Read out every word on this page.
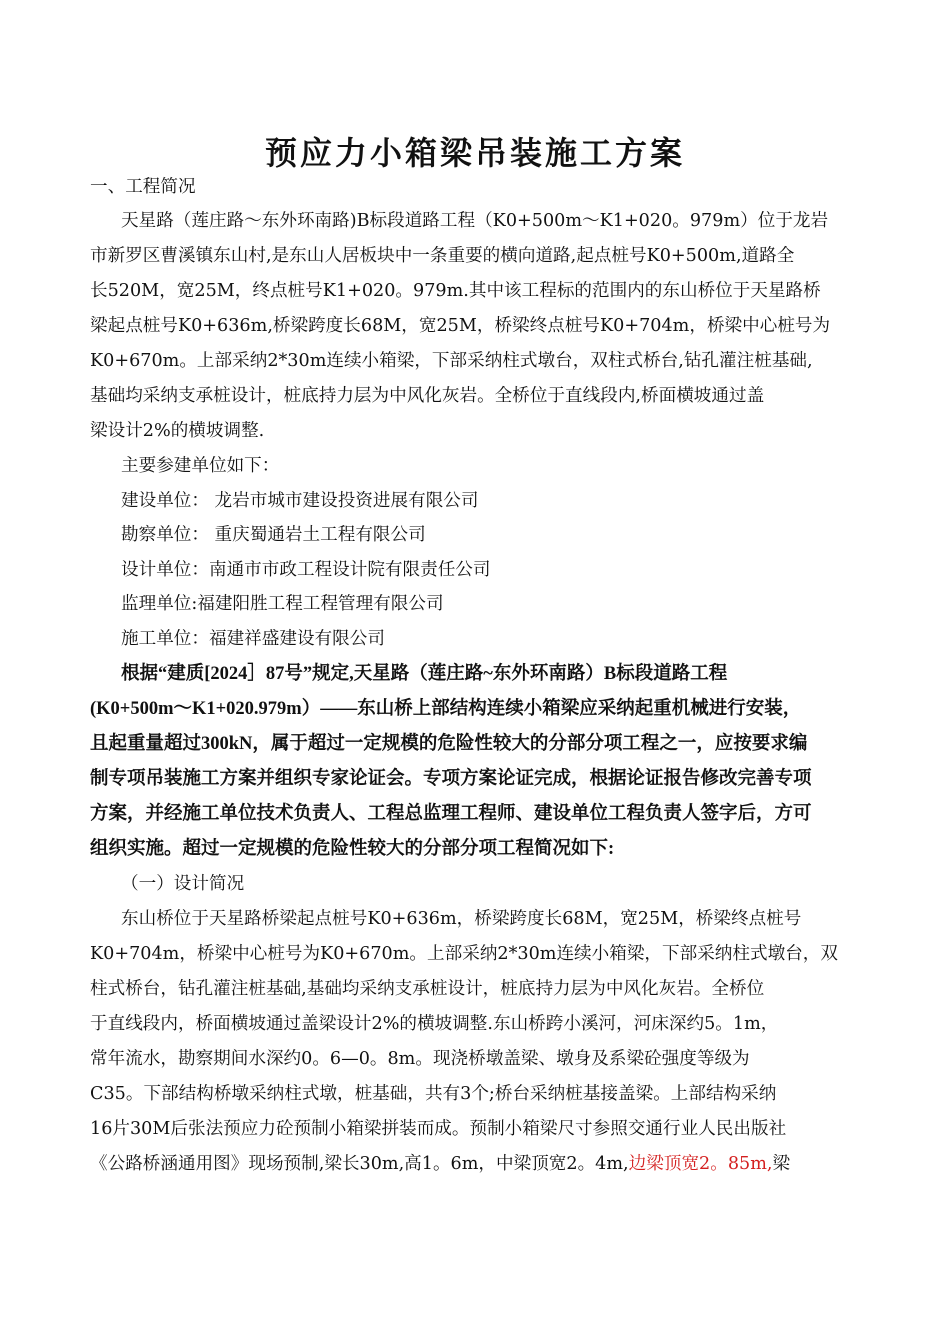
预应力小箱梁吊装施工方案

一、工程简况

天星路（莲庄路～东外环南路)B标段道路工程（K0+500m～K1+020。979m）位于龙岩

市新罗区曹溪镇东山村,是东山人居板块中一条重要的横向道路,起点桩号K0+500m,道路全

长520M，宽25M，终点桩号K1+020。979m.其中该工程标的范围内的东山桥位于天星路桥

梁起点桩号K0+636m,桥梁跨度长68M，宽25M，桥梁终点桩号K0+704m，桥梁中心桩号为

K0+670m。上部采纳2*30m连续小箱梁，下部采纳柱式墩台，双柱式桥台,钻孔灌注桩基础,

基础均采纳支承桩设计，桩底持力层为中风化灰岩。全桥位于直线段内,桥面横坡通过盖

梁设计2%的横坡调整.

主要参建单位如下：

建设单位： 龙岩市城市建设投资进展有限公司

勘察单位： 重庆蜀通岩土工程有限公司

设计单位：南通市市政工程设计院有限责任公司

监理单位:福建阳胜工程工程管理有限公司

施工单位：福建祥盛建设有限公司

根据“建质[2024］87号”规定,天星路（莲庄路~东外环南路）B标段道路工程

(K0+500m～K1+020.979m）——东山桥上部结构连续小箱梁应采纳起重机械进行安装，

且起重量超过300kN，属于超过一定规模的危险性较大的分部分项工程之一，应按要求编

制专项吊装施工方案并组织专家论证会。专项方案论证完成，根据论证报告修改完善专项

方案，并经施工单位技术负责人、工程总监理工程师、建设单位工程负责人签字后，方可

组织实施。超过一定规模的危险性较大的分部分项工程简况如下:

（一）设计简况

东山桥位于天星路桥梁起点桩号K0+636m，桥梁跨度长68M，宽25M，桥梁终点桩号

K0+704m，桥梁中心桩号为K0+670m。上部采纳2*30m连续小箱梁，下部采纳柱式墩台，双

柱式桥台，钻孔灌注桩基础,基础均采纳支承桩设计，桩底持力层为中风化灰岩。全桥位

于直线段内，桥面横坡通过盖梁设计2%的横坡调整.东山桥跨小溪河，河床深约5。1m，

常年流水，勘察期间水深约0。6—0。8m。现浇桥墩盖梁、墩身及系梁砼强度等级为

C35。下部结构桥墩采纳柱式墩，桩基础，共有3个;桥台采纳桩基接盖梁。上部结构采纳

16片30M后张法预应力砼预制小箱梁拼装而成。预制小箱梁尺寸参照交通行业人民出版社

《公路桥涵通用图》现场预制,梁长30m,高1。6m，中梁顶宽2。4m,边梁顶宽2。85m,梁
